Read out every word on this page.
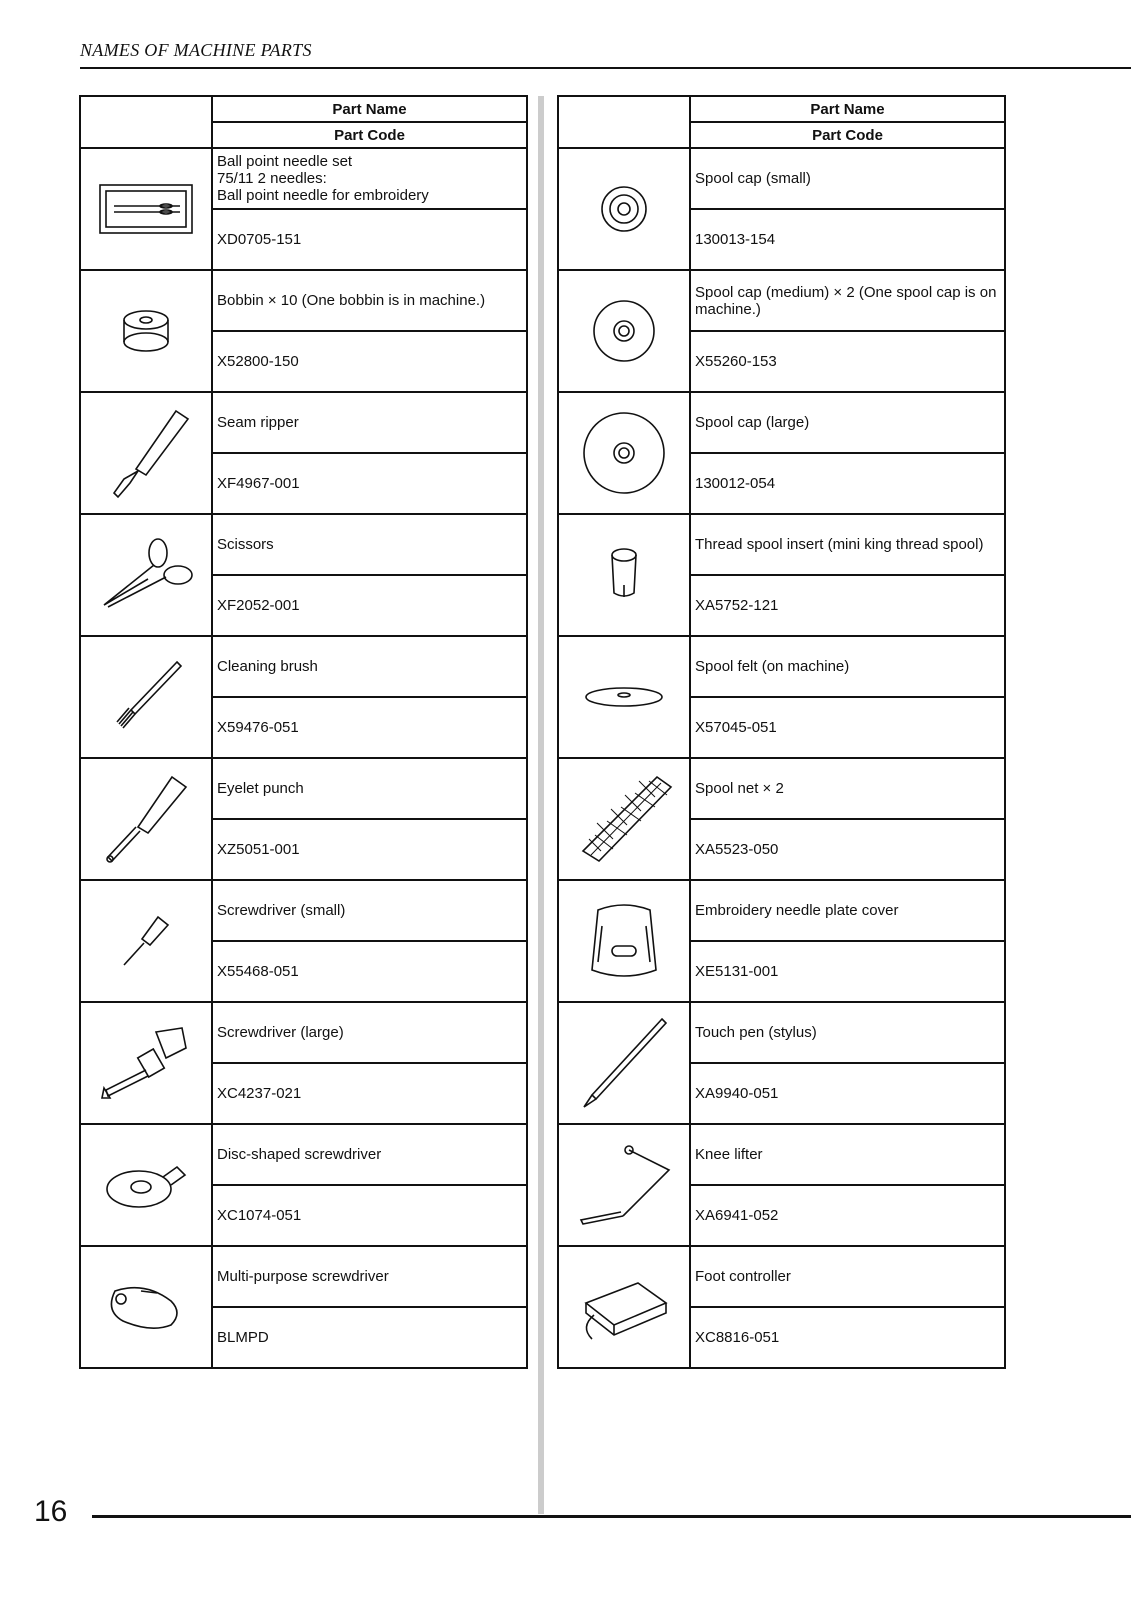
NAMES OF MACHINE PARTS
	Part Name
	Part Code

	Ball point needle set
75/11 2 needles:
Ball point needle for embroidery
	XD0705-151

	Bobbin × 10 (One bobbin is in machine.)
	X52800-150

	Seam ripper
	XF4967-001

	Scissors
	XF2052-001

	Cleaning brush
	X59476-051

	Eyelet punch
	XZ5051-001

	Screwdriver (small)
	X55468-051

	Screwdriver (large)
	XC4237-021

	Disc-shaped screwdriver
	XC1074-051

	Multi-purpose screwdriver
	BLMPD
	Part Name
	Part Code

	Spool cap (small)
	130013-154

	Spool cap (medium) × 2 (One spool cap is on machine.)
	X55260-153

	Spool cap (large)
	130012-054

	Thread spool insert (mini king thread spool)
	XA5752-121

	Spool felt (on machine)
	X57045-051

	Spool net × 2
	XA5523-050

	Embroidery needle plate cover
	XE5131-001

	Touch pen (stylus)
	XA9940-051

	Knee lifter
	XA6941-052

	Foot controller
	XC8816-051
16
